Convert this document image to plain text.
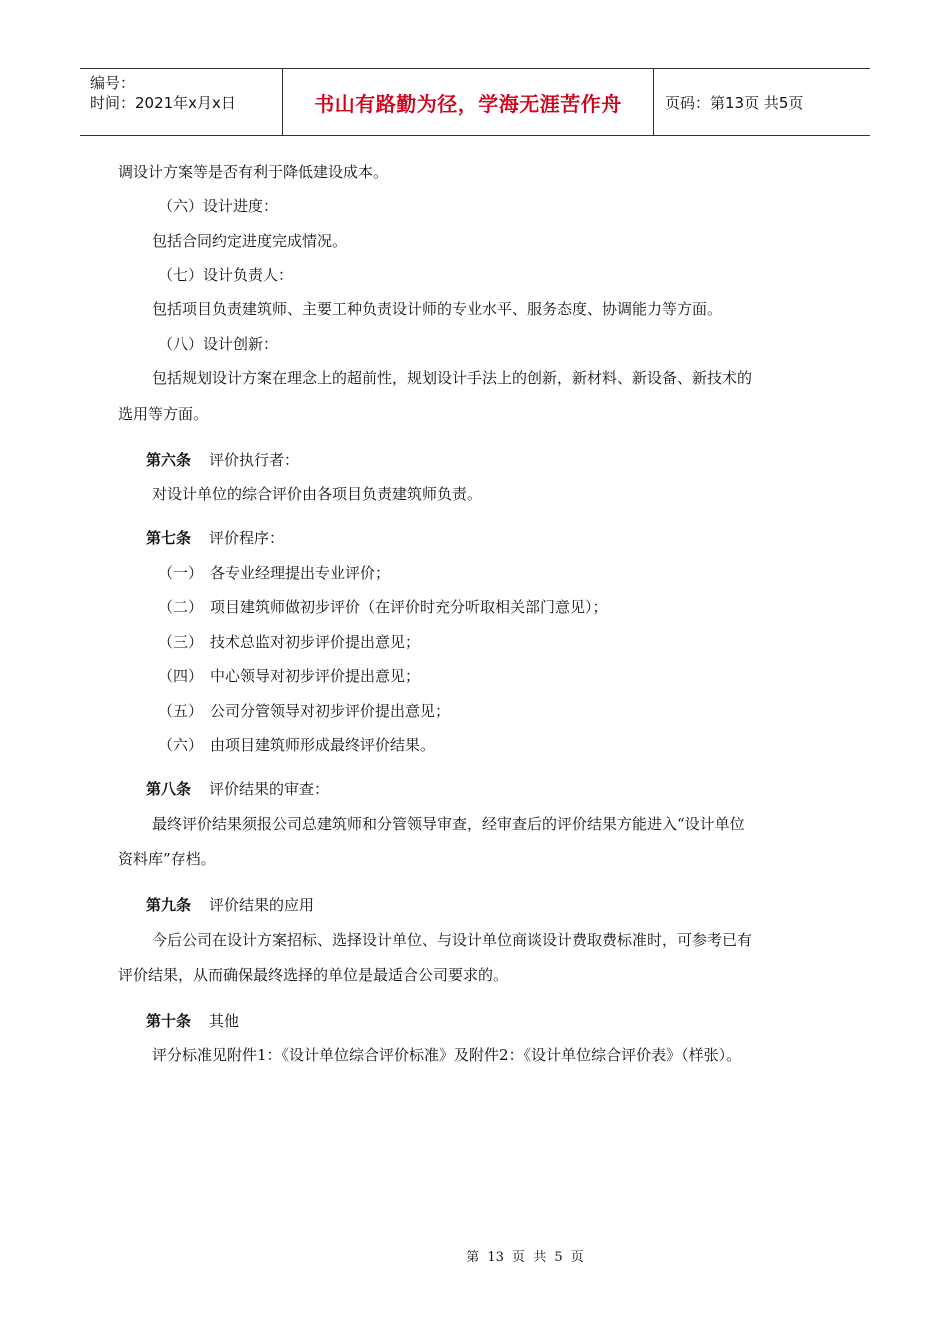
编号：
时间：2021年x月x日	书山有路勤为径，学海无涯苦作舟	页码：第13页 共5页
调设计方案等是否有利于降低建设成本。
（六）设计进度：
包括合同约定进度完成情况。
（七）设计负责人：
包括项目负责建筑师、主要工种负责设计师的专业水平、服务态度、协调能力等方面。
（八）设计创新：
包括规划设计方案在理念上的超前性，规划设计手法上的创新，新材料、新设备、新技术的
选用等方面。
第六条 评价执行者：
对设计单位的综合评价由各项目负责建筑师负责。
第七条 评价程序：
（一） 各专业经理提出专业评价；
（二） 项目建筑师做初步评价（在评价时充分听取相关部门意见）；
（三） 技术总监对初步评价提出意见；
（四） 中心领导对初步评价提出意见；
（五） 公司分管领导对初步评价提出意见；
（六） 由项目建筑师形成最终评价结果。
第八条 评价结果的审查：
最终评价结果须报公司总建筑师和分管领导审查，经审查后的评价结果方能进入“设计单位
资料库”存档。
第九条 评价结果的应用
今后公司在设计方案招标、选择设计单位、与设计单位商谈设计费取费标准时，可参考已有
评价结果，从而确保最终选择的单位是最适合公司要求的。
第十条 其他
评分标准见附件1：《设计单位综合评价标准》及附件2：《设计单位综合评价表》（样张）。
第 13 页 共 5 页
